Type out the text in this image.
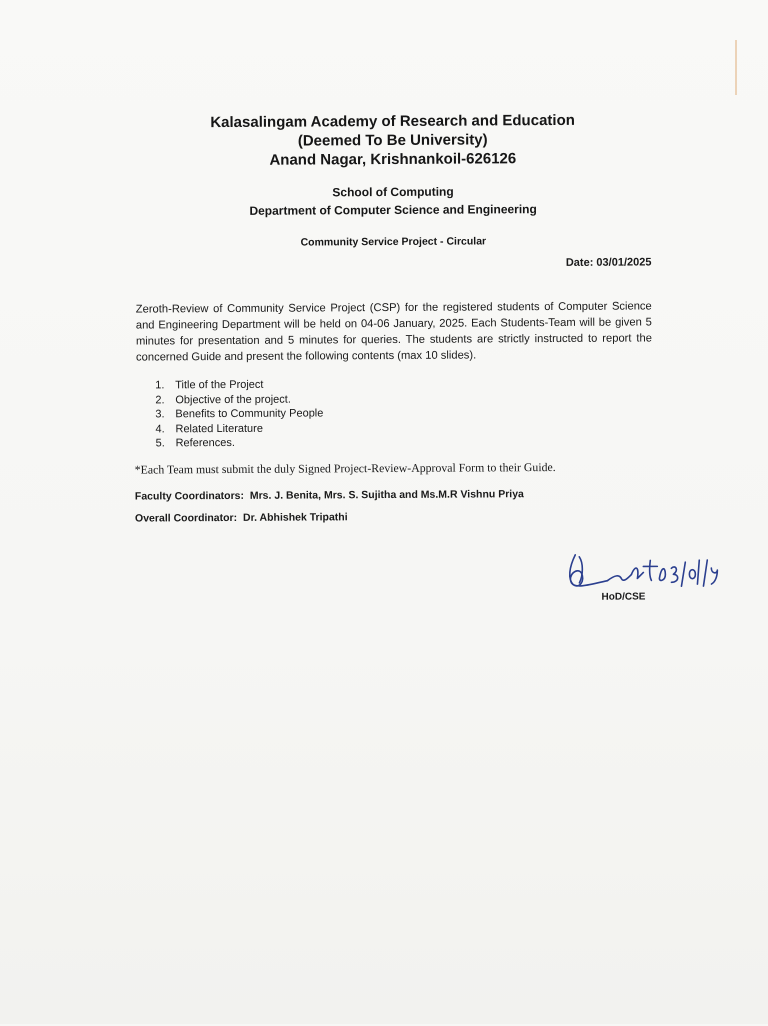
Kalasalingam Academy of Research and Education
(Deemed To Be University)
Anand Nagar, Krishnankoil-626126
School of Computing
Department of Computer Science and Engineering
Community Service Project - Circular
Date: 03/01/2025
Zeroth-Review of Community Service Project (CSP) for the registered students of Computer Science and Engineering Department will be held on 04-06 January, 2025. Each Students-Team will be given 5 minutes for presentation and 5 minutes for queries. The students are strictly instructed to report the concerned Guide and present the following contents (max 10 slides).
1. Title of the Project
2. Objective of the project.
3. Benefits to Community People
4. Related Literature
5. References.
*Each Team must submit the duly Signed Project-Review-Approval Form to their Guide.
Faculty Coordinators: Mrs. J. Benita, Mrs. S. Sujitha and Ms.M.R Vishnu Priya
Overall Coordinator: Dr. Abhishek Tripathi
HoD/CSE
